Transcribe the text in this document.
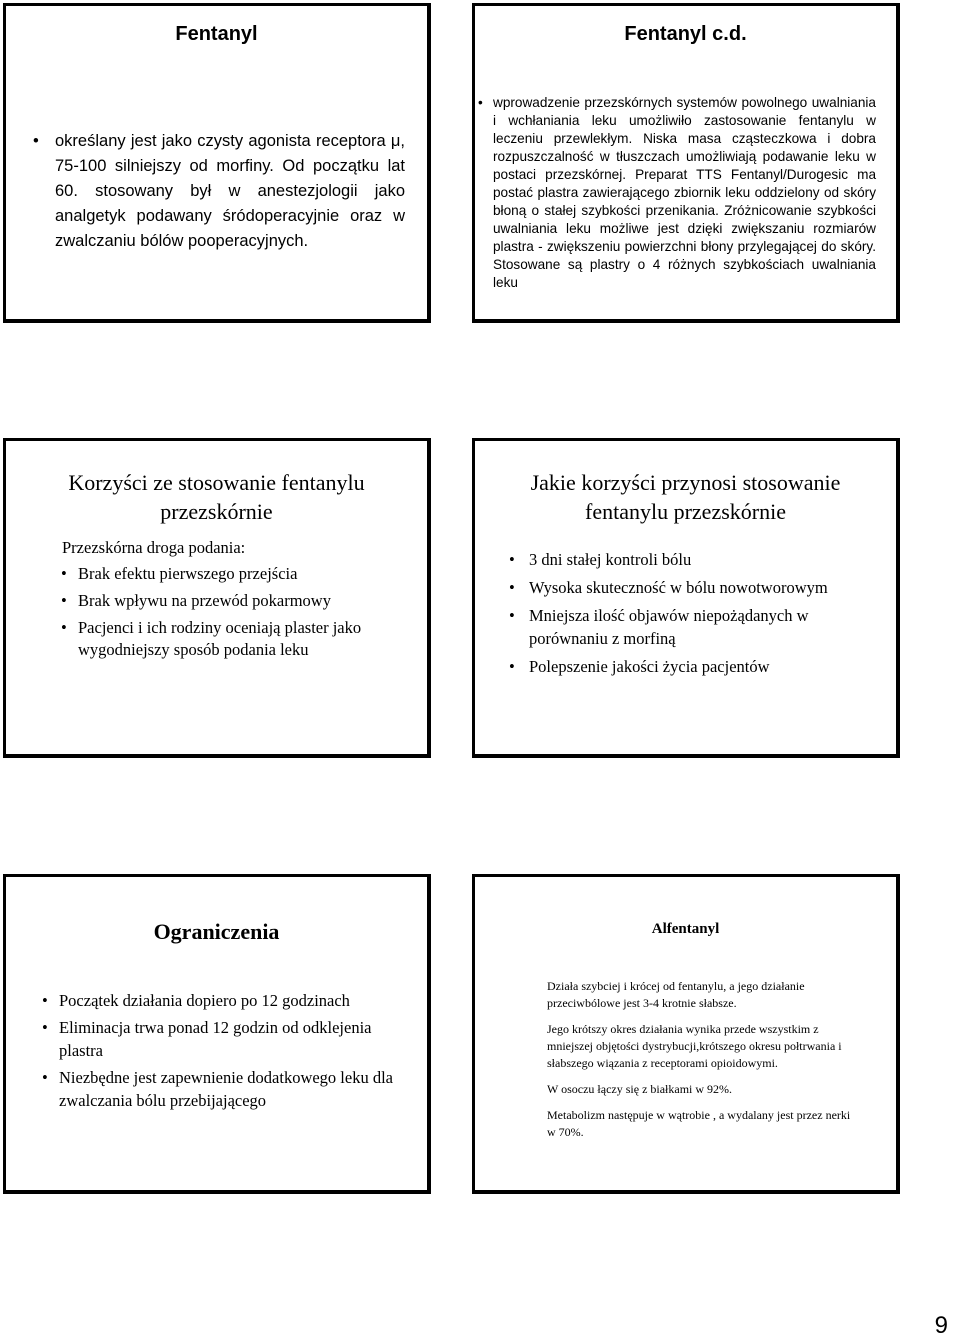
Fentanyl
• określany jest jako czysty agonista receptora μ, 75-100 silniejszy od morfiny. Od początku lat 60. stosowany był w anestezjologii jako analgetyk podawany śródoperacyjnie oraz w zwalczaniu bólów pooperacyjnych.
Fentanyl c.d.
• wprowadzenie przezskórnych systemów powolnego uwalniania i wchłaniania leku umożliwiło zastosowanie fentanylu w leczeniu przewlekłym. Niska masa cząsteczkowa i dobra rozpuszczalność w tłuszczach umożliwiają podawanie leku w postaci przezskórnej. Preparat TTS Fentanyl/Durogesic ma postać plastra zawierającego zbiornik leku oddzielony od skóry błoną o stałej szybkości przenikania. Zróżnicowanie szybkości uwalniania leku możliwe jest dzięki zwiększaniu rozmiarów plastra - zwiększeniu powierzchni błony przylegającej do skóry. Stosowane są plastry o 4 różnych szybkościach uwalniania leku
Korzyści ze stosowanie fentanylu przezskórnie
Przezskórna droga podania:
• Brak efektu pierwszego przejścia
• Brak wpływu na przewód pokarmowy
• Pacjenci i ich rodziny oceniają plaster jako wygodniejszy sposób podania leku
Jakie korzyści przynosi stosowanie fentanylu przezskórnie
• 3 dni stałej kontroli bólu
• Wysoka skuteczność w bólu nowotworowym
• Mniejsza ilość objawów niepożądanych w porównaniu z morfiną
• Polepszenie jakości życia pacjentów
Ograniczenia
• Początek działania dopiero po 12 godzinach
• Eliminacja trwa ponad 12 godzin od odklejenia plastra
• Niezbędne jest zapewnienie dodatkowego leku dla zwalczania bólu przebijającego
Alfentanyl

Działa szybciej i krócej od fentanylu, a jego działanie przeciwbólowe jest 3-4 krotnie słabsze.

Jego krótszy okres działania wynika przede wszystkim z mniejszej objętości dystrybucji,krótszego okresu połtrwania i słabszego wiązania z receptorami opioidowymi.

W osoczu łączy się z białkami w 92%.

Metabolizm następuje w wątrobie , a wydalany jest przez nerki w 70%.

9
